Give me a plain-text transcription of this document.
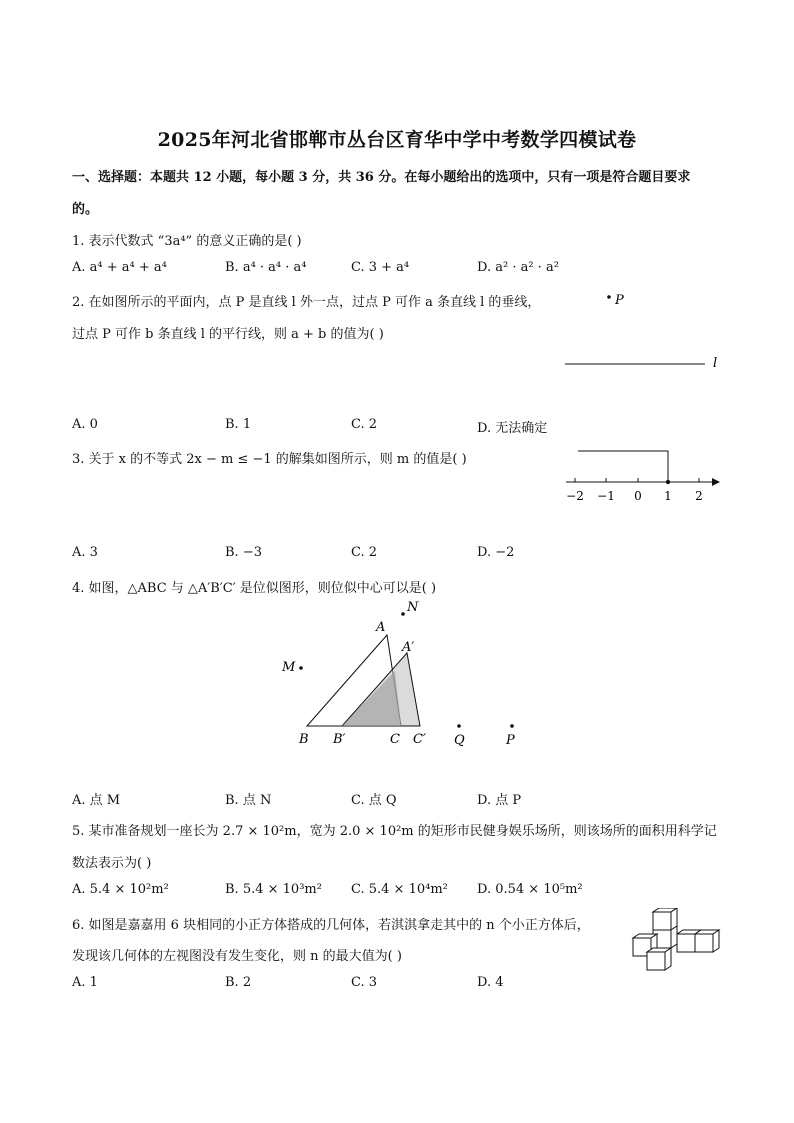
2025年河北省邯郸市丛台区育华中学中考数学四模试卷
一、选择题：本题共 12 小题，每小题 3 分，共 36 分。在每小题给出的选项中，只有一项是符合题目要求
的。
1. 表示代数式 “3a⁴” 的意义正确的是( )
A. a⁴ + a⁴ + a⁴	B. a⁴ · a⁴ · a⁴	C. 3 + a⁴	D. a² · a² · a²
2. 在如图所示的平面内，点 P 是直线 l 外一点，过点 P 可作 a 条直线 l 的垂线，
过点 P 可作 b 条直线 l 的平行线，则 a + b 的值为( )
P
l
A. 0	B. 1	C. 2	D. 无法确定
3. 关于 x 的不等式 2x − m ≤ −1 的解集如图所示，则 m 的值是( )
−2 −1 0 1 2
A. 3	B. −3	C. 2	D. −2
4. 如图，△ABC 与 △A′B′C′ 是位似图形，则位似中心可以是( )
A
N
A′
M
B B′	C C′ Q	P
A. 点 M	B. 点 N	C. 点 Q	D. 点 P
5. 某市准备规划一座长为 2.7 × 10²m，宽为 2.0 × 10²m 的矩形市民健身娱乐场所，则该场所的面积用科学记
数法表示为( )
A. 5.4 × 10²m²	B. 5.4 × 10³m² C. 5.4 × 10⁴m² D. 0.54 × 10⁵m²
6. 如图是嘉嘉用 6 块相同的小正方体搭成的几何体，若淇淇拿走其中的 n 个小正方体后，
发现该几何体的左视图没有发生变化，则 n 的最大值为( )
A. 1	B. 2	C. 3	D. 4
